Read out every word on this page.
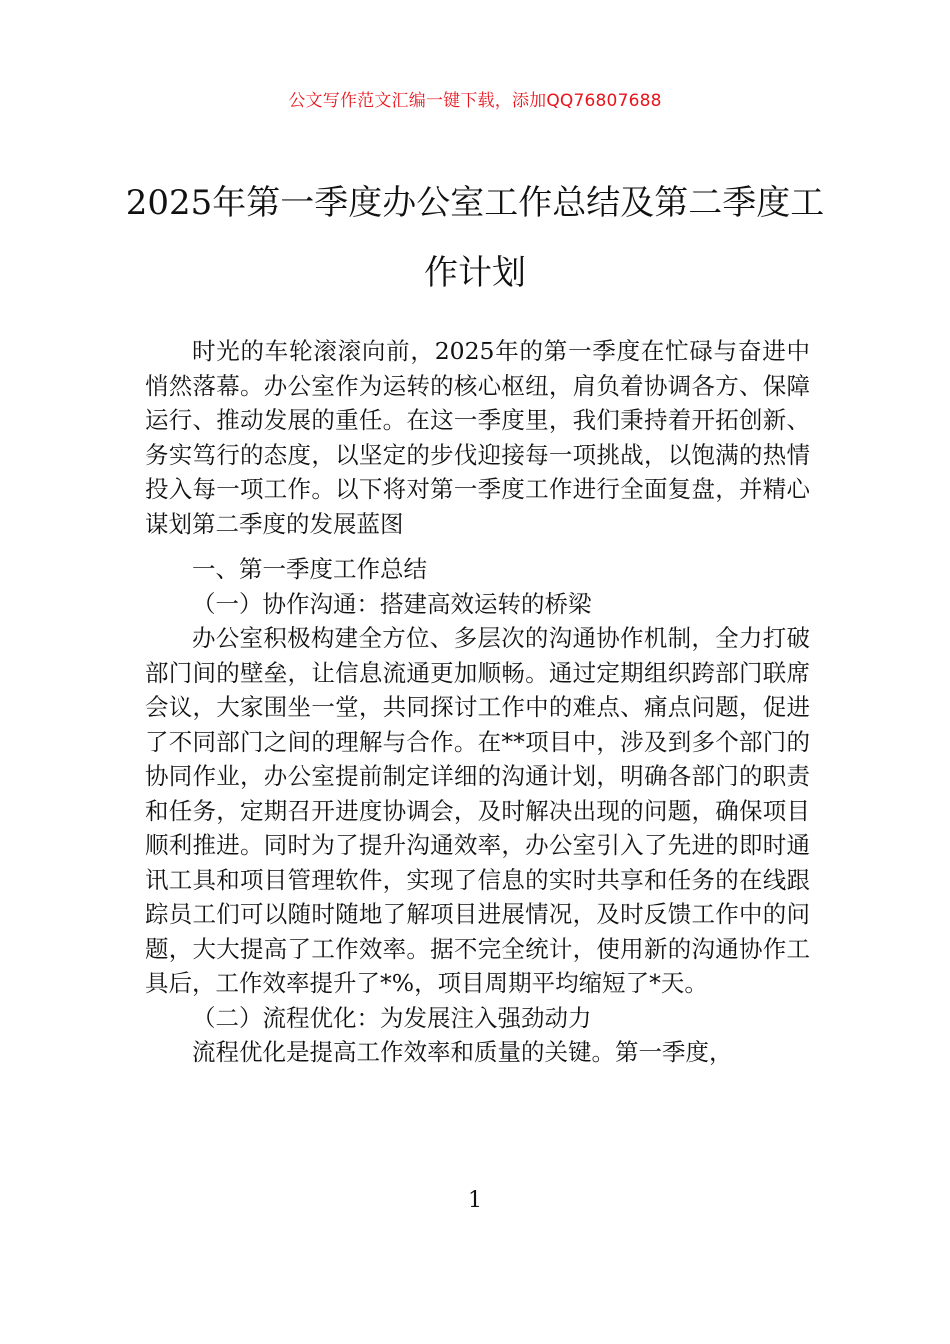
公文写作范文汇编一键下载，添加QQ76807688
2025年第一季度办公室工作总结及第二季度工作计划

时光的车轮滚滚向前，2025年的第一季度在忙碌与奋进中悄然落幕。办公室作为运转的核心枢纽，肩负着协调各方、保障运行、推动发展的重任。在这一季度里，我们秉持着开拓创新、务实笃行的态度，以坚定的步伐迎接每一项挑战，以饱满的热情投入每一项工作。以下将对第一季度工作进行全面复盘，并精心谋划第二季度的发展蓝图

一、第一季度工作总结

（一）协作沟通：搭建高效运转的桥梁

办公室积极构建全方位、多层次的沟通协作机制，全力打破部门间的壁垒，让信息流通更加顺畅。通过定期组织跨部门联席会议，大家围坐一堂，共同探讨工作中的难点、痛点问题，促进了不同部门之间的理解与合作。在**项目中，涉及到多个部门的协同作业，办公室提前制定详细的沟通计划，明确各部门的职责和任务，定期召开进度协调会，及时解决出现的问题，确保项目顺利推进。同时为了提升沟通效率，办公室引入了先进的即时通讯工具和项目管理软件，实现了信息的实时共享和任务的在线跟踪员工们可以随时随地了解项目进展情况，及时反馈工作中的问题，大大提高了工作效率。据不完全统计，使用新的沟通协作工具后，工作效率提升了*%，项目周期平均缩短了*天。

（二）流程优化：为发展注入强劲动力

流程优化是提高工作效率和质量的关键。第一季度，

1
